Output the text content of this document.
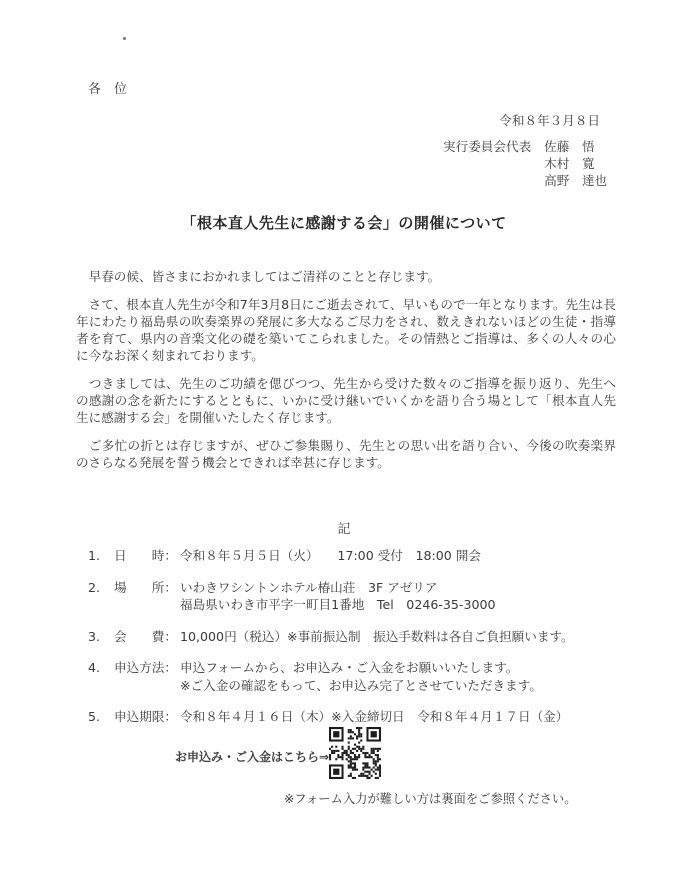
各　位
令和８年３月８日
実行委員会代表 佐藤　悟
木村　寛
高野　達也
「根本直人先生に感謝する会」の開催について

　早春の候、皆さまにおかれましてはご清祥のことと存じます。

　さて、根本直人先生が令和7年3月8日にご逝去されて、早いもので一年となります。先生は長年にわたり福島県の吹奏楽界の発展に多大なるご尽力をされ、数えきれないほどの生徒・指導者を育て、県内の音楽文化の礎を築いてこられました。その情熱とご指導は、多くの人々の心に今なお深く刻まれております。

　つきましては、先生のご功績を偲びつつ、先生から受けた数々のご指導を振り返り、先生への感謝の念を新たにするとともに、いかに受け継いでいくかを語り合う場として「根本直人先生に感謝する会」を開催いたしたく存じます。

　ご多忙の折とは存じますが、ぜひご参集賜り、先生との思い出を語り合い、今後の吹奏楽界のさらなる発展を誓う機会とできれば幸甚に存じます。

記
1.	日　　時： 令和８年５月５日（火）　　17:00 受付　18:00 開会
2.	場　　所： いわきワシントンホテル椿山荘　3F アゼリア
福島県いわき市平字一町目1番地　Tel　0246-35-3000
3.	会　　費： 10,000円（税込）※事前振込制　振込手数料は各自ご負担願います。
4.	申込方法： 申込フォームから、お申込み・ご入金をお願いいたします。
※ご入金の確認をもって、お申込み完了とさせていただきます。
5.	申込期限： 令和８年４月１６日（木）※入金締切日　令和８年４月１７日（金）
お申込み・ご入金はこちら⇒
※フォーム入力が難しい方は裏面をご参照ください。
